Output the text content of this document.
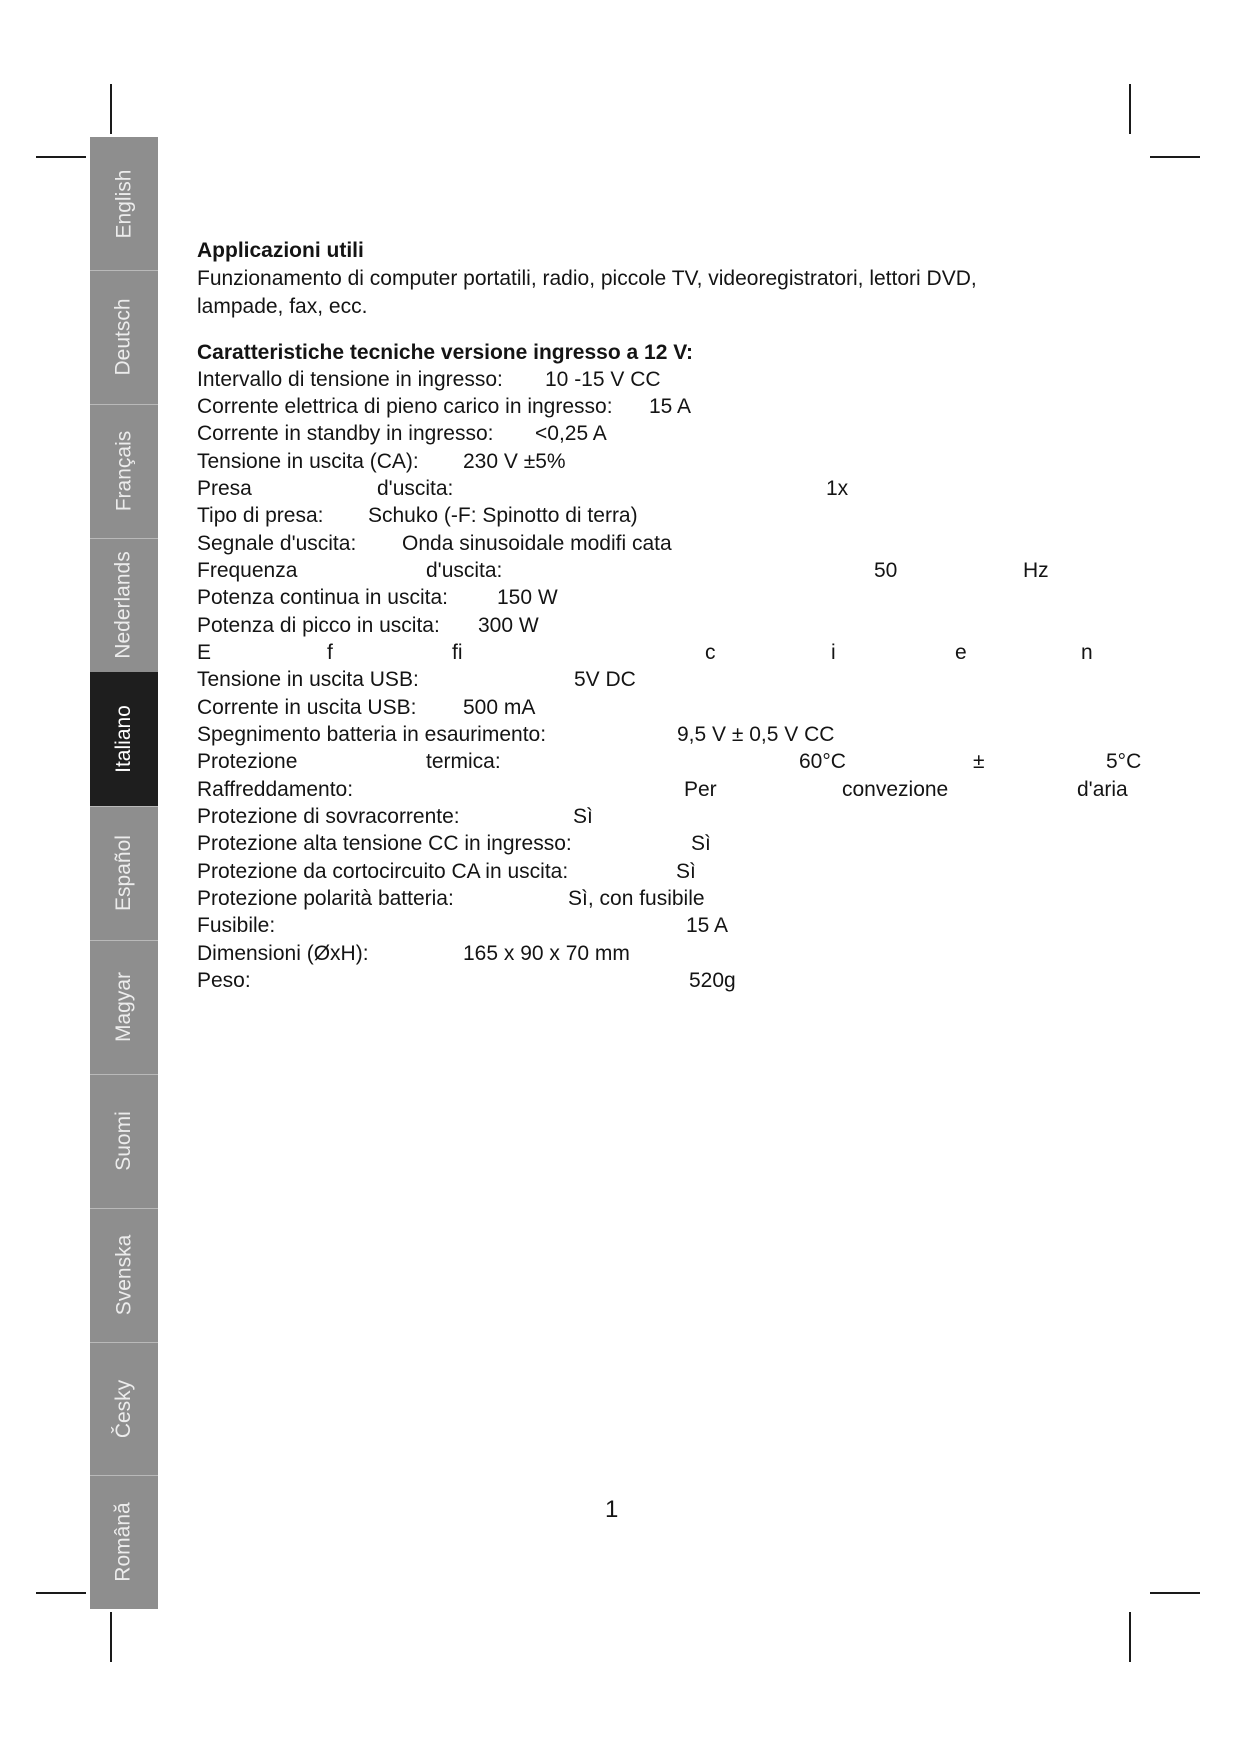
English
Deutsch
Français
Nederlands
Italiano
Español
Magyar
Suomi
Svenska
Česky
Română
Applicazioni utili
Funzionamento di computer portatili, radio, piccole TV, videoregistratori, lettori DVD,
lampade, fax, ecc.
Caratteristiche tecniche versione ingresso a 12 V:
Intervallo di tensione in ingresso: 10 -15 V CC
Corrente elettrica di pieno carico in ingresso: 15 A
Corrente in standby in ingresso: <0,25 A
Tensione in uscita (CA): 230 V ±5%
Presa	d'uscita:	1x
Tipo di presa: Schuko (-F: Spinotto di terra)
Segnale d'uscita: Onda sinusoidale modifi cata
Frequenza	d'uscita:	50	Hz
Potenza continua in uscita: 150 W
Potenza di picco in uscita: 300 W
E	f	fi	c	i	e	n
Tensione in uscita USB:	5V DC
Corrente in uscita USB: 500 mA
Spegnimento batteria in esaurimento:	9,5 V ± 0,5 V CC
Protezione	termica:	60°C	±	5°C
Raffreddamento:	Per	convezione	d'aria
Protezione di sovracorrente:	Sì
Protezione alta tensione CC in ingresso:	Sì
Protezione da cortocircuito CA in uscita:	Sì
Protezione polarità batteria:	Sì, con fusibile
Fusibile:	15 A
Dimensioni (ØxH):	165 x 90 x 70 mm
Peso:	520g
1
